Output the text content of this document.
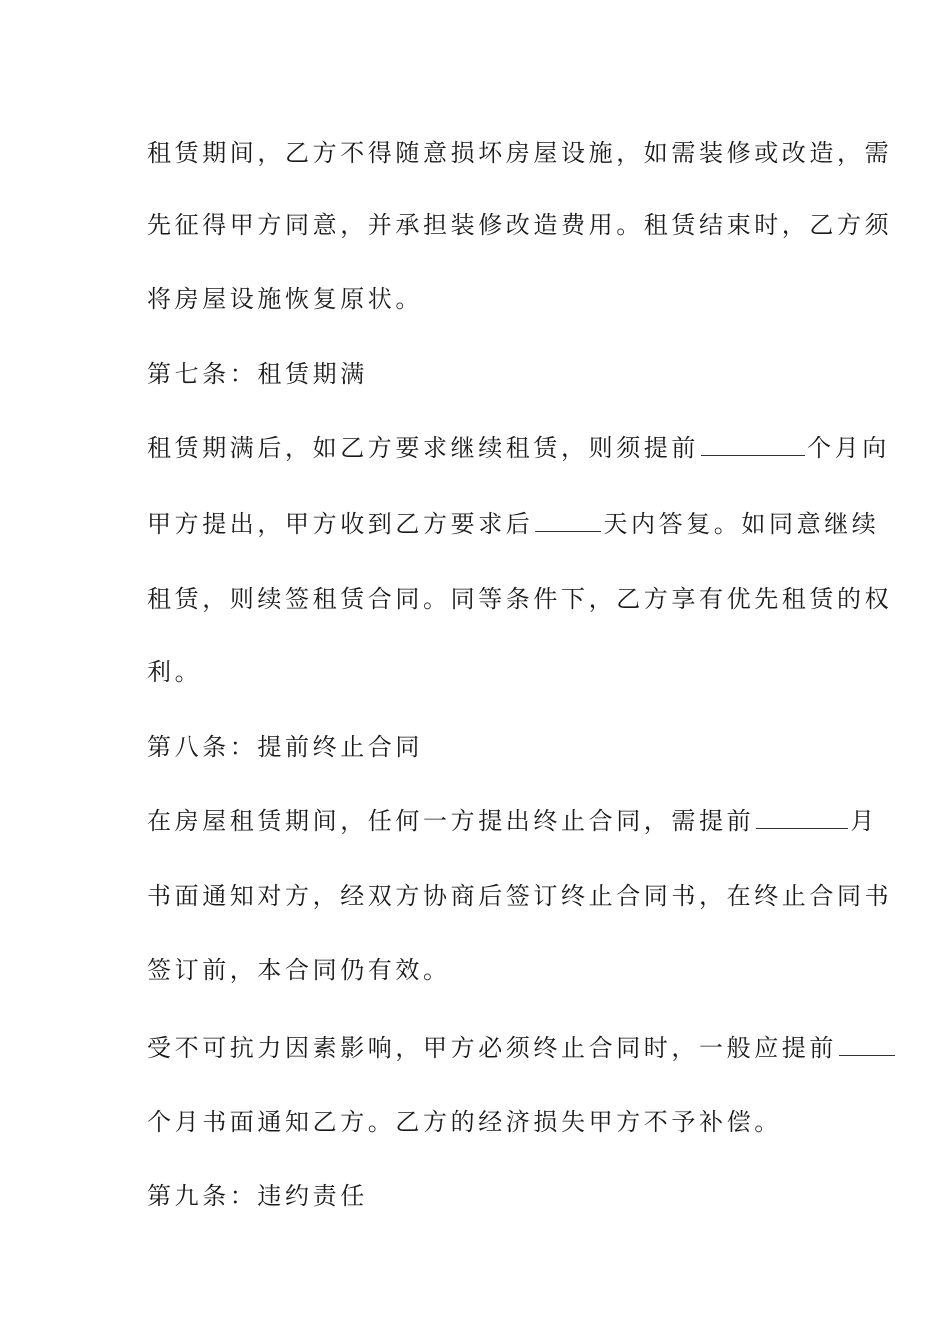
租赁期间，乙方不得随意损坏房屋设施，如需装修或改造，需
先征得甲方同意，并承担装修改造费用。租赁结束时，乙方须
将房屋设施恢复原状。
第七条：租赁期满
租赁期满后，如乙方要求继续租赁，则须提前	个月向
甲方提出，甲方收到乙方要求后	天内答复。如同意继续
租赁，则续签租赁合同。同等条件下，乙方享有优先租赁的权
利。
第八条：提前终止合同
在房屋租赁期间，任何一方提出终止合同，需提前	月
书面通知对方，经双方协商后签订终止合同书，在终止合同书
签订前，本合同仍有效。
受不可抗力因素影响，甲方必须终止合同时，一般应提前
个月书面通知乙方。乙方的经济损失甲方不予补偿。
第九条：违约责任
